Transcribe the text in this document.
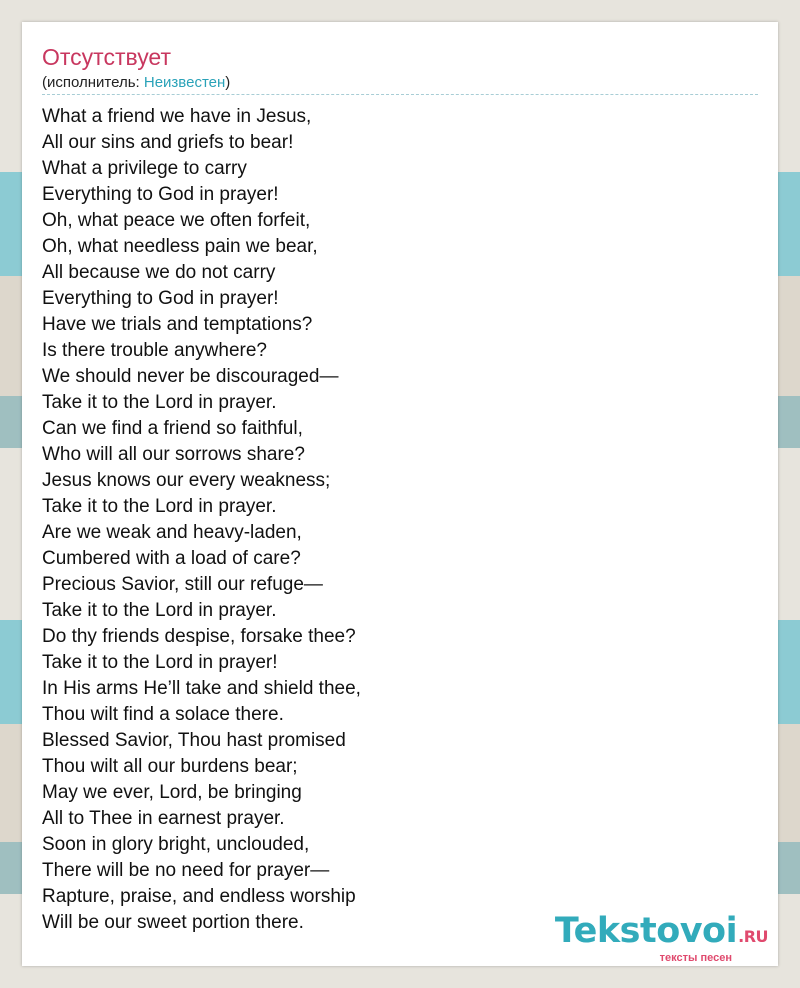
Отсутствует
(исполнитель: Неизвестен)
What a friend we have in Jesus,
All our sins and griefs to bear!
What a privilege to carry
Everything to God in prayer!
Oh, what peace we often forfeit,
Oh, what needless pain we bear,
All because we do not carry
Everything to God in prayer!
Have we trials and temptations?
Is there trouble anywhere?
We should never be discouraged—
Take it to the Lord in prayer.
Can we find a friend so faithful,
Who will all our sorrows share?
Jesus knows our every weakness;
Take it to the Lord in prayer.
Are we weak and heavy-laden,
Cumbered with a load of care?
Precious Savior, still our refuge—
Take it to the Lord in prayer.
Do thy friends despise, forsake thee?
Take it to the Lord in prayer!
In His arms He’ll take and shield thee,
Thou wilt find a solace there.
Blessed Savior, Thou hast promised
Thou wilt all our burdens bear;
May we ever, Lord, be bringing
All to Thee in earnest prayer.
Soon in glory bright, unclouded,
There will be no need for prayer—
Rapture, praise, and endless worship
Will be our sweet portion there.	Tekstovoi.RU
тексты песен
